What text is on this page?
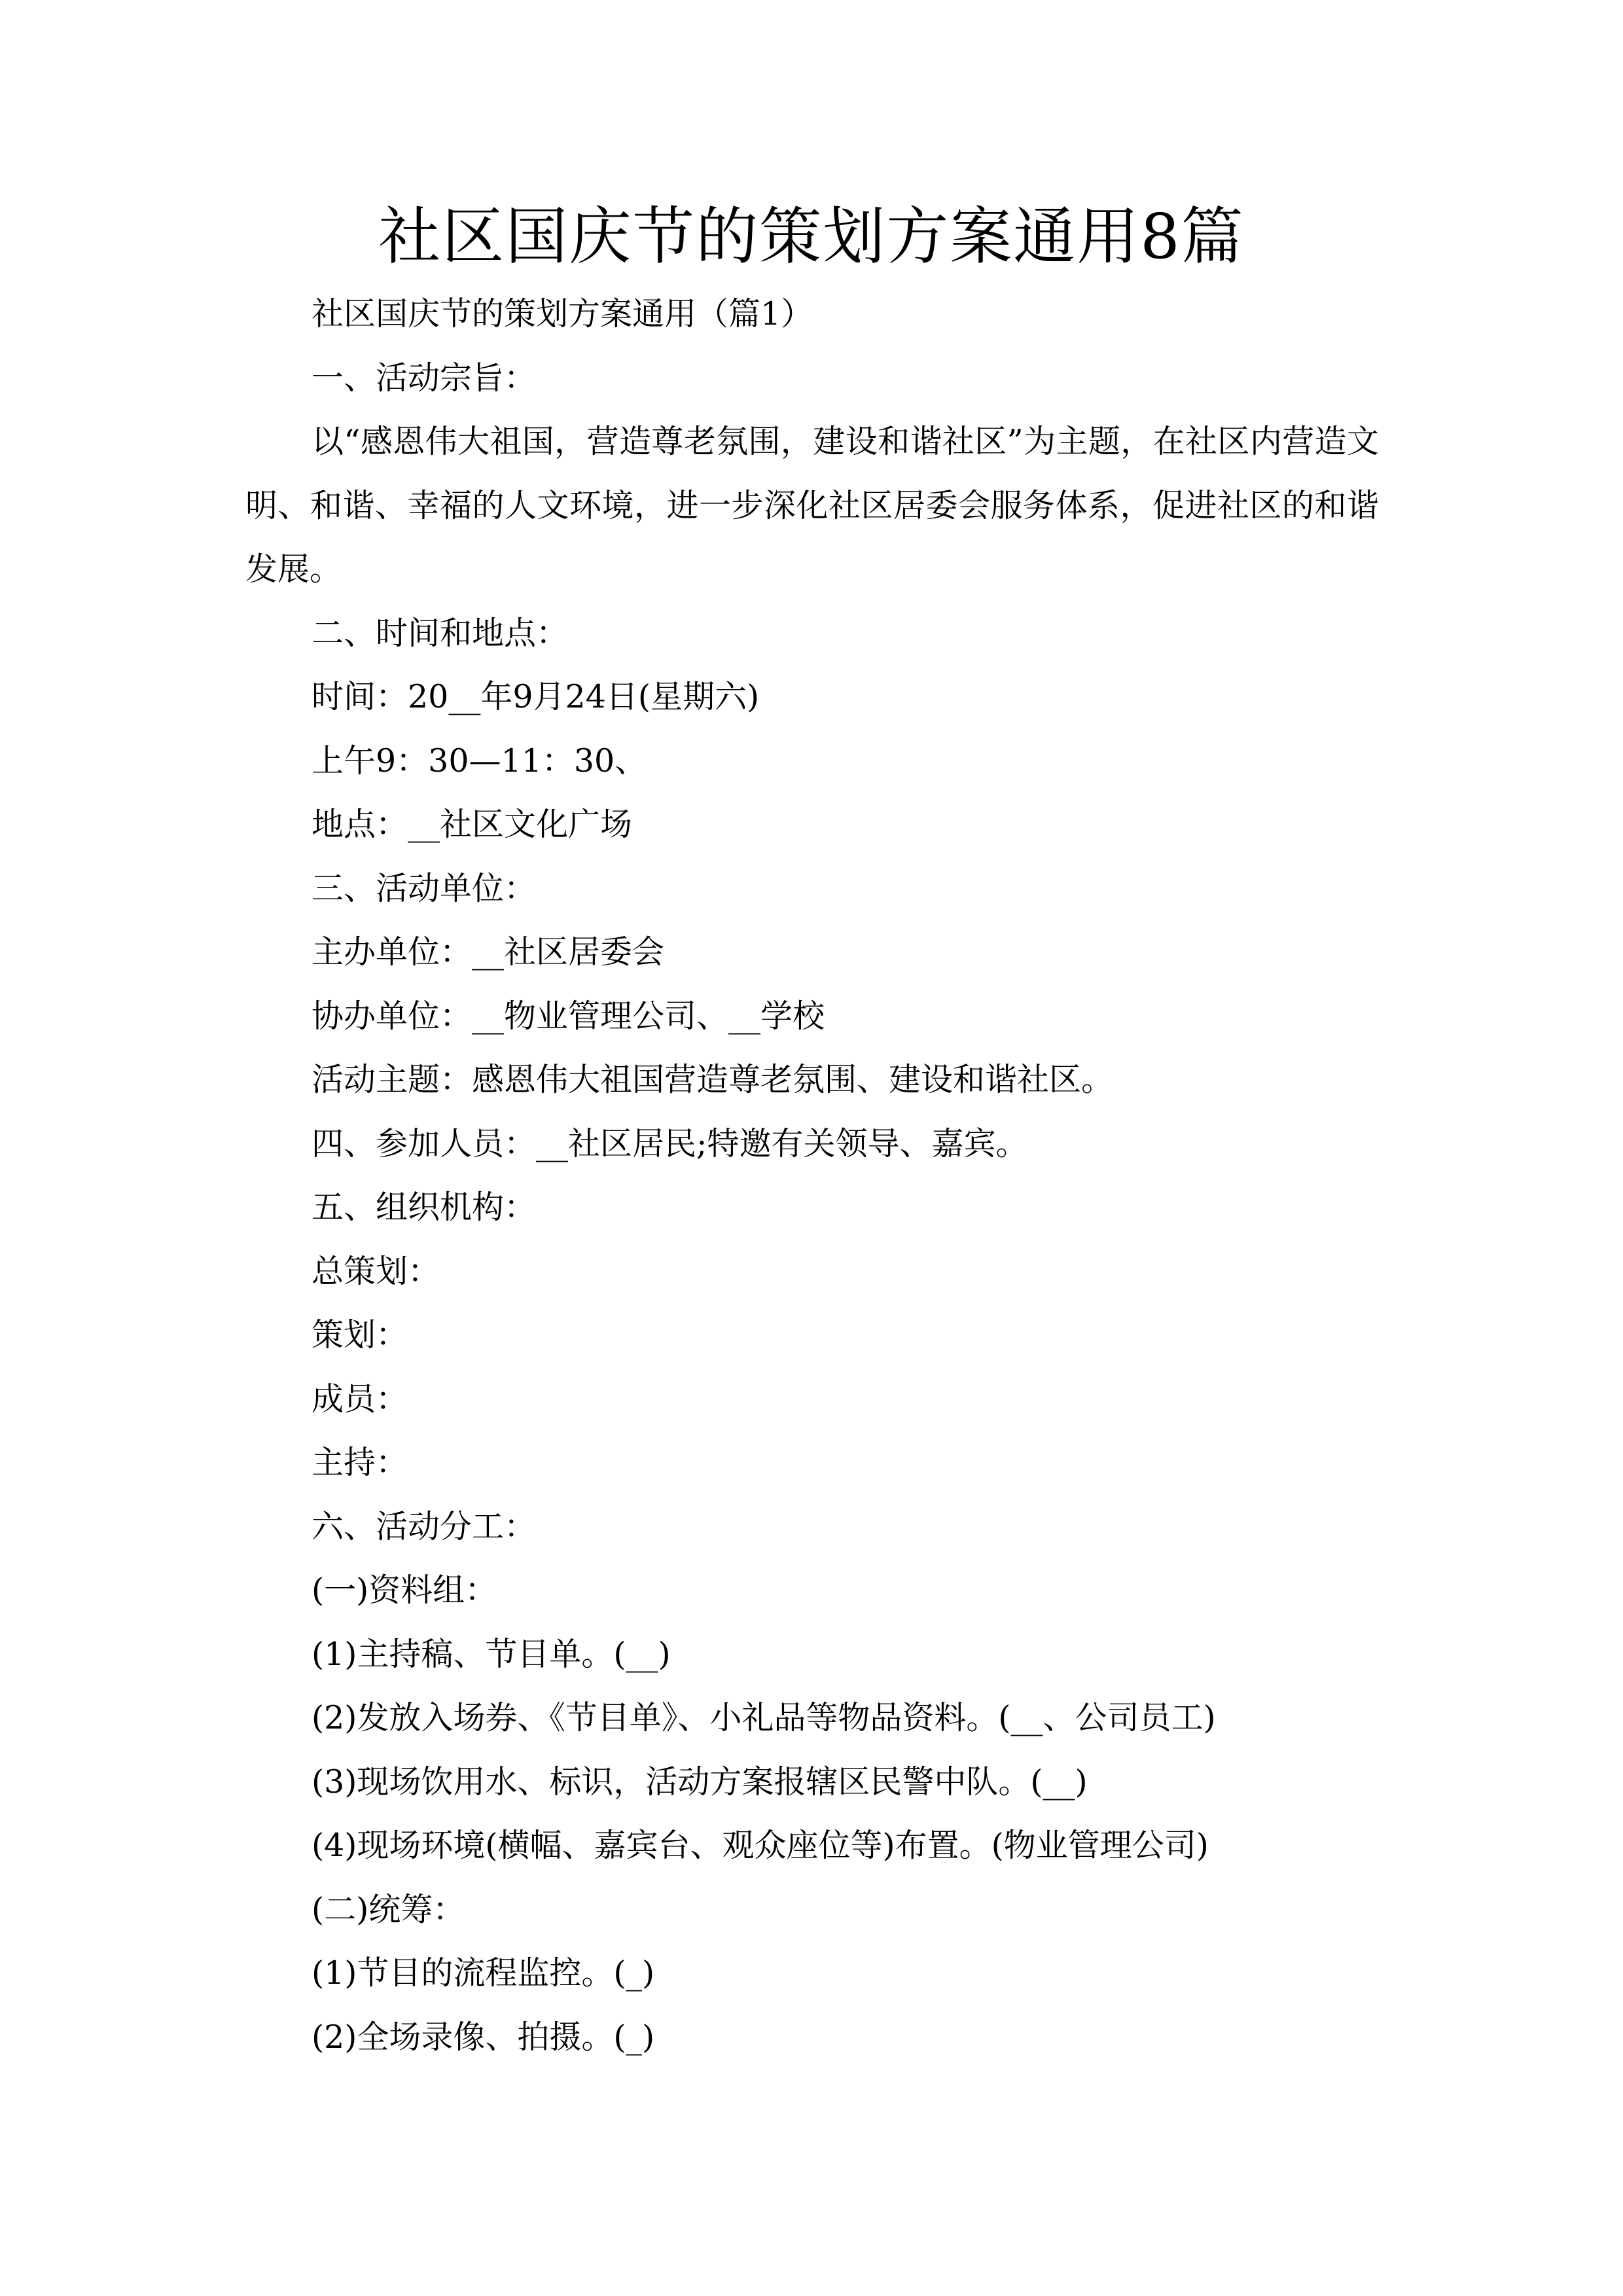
社区国庆节的策划方案通用8篇

社区国庆节的策划方案通用（篇1）

一、活动宗旨：

以“感恩伟大祖国，营造尊老氛围，建设和谐社区”为主题，在社区内营造文明、和谐、幸福的人文环境，进一步深化社区居委会服务体系，促进社区的和谐发展。

二、时间和地点：

时间：20__年9月24日(星期六)

上午9：30—11：30、

地点：__社区文化广场

三、活动单位：

主办单位：__社区居委会

协办单位：__物业管理公司、__学校

活动主题：感恩伟大祖国营造尊老氛围、建设和谐社区。

四、参加人员：__社区居民;特邀有关领导、嘉宾。

五、组织机构：

总策划：

策划：

成员：

主持：

六、活动分工：

(一)资料组：

(1)主持稿、节目单。(__)

(2)发放入场券、《节目单》、小礼品等物品资料。(__、公司员工)

(3)现场饮用水、标识，活动方案报辖区民警中队。(__)

(4)现场环境(横幅、嘉宾台、观众座位等)布置。(物业管理公司)

(二)统筹：

(1)节目的流程监控。(_)

(2)全场录像、拍摄。(_)
